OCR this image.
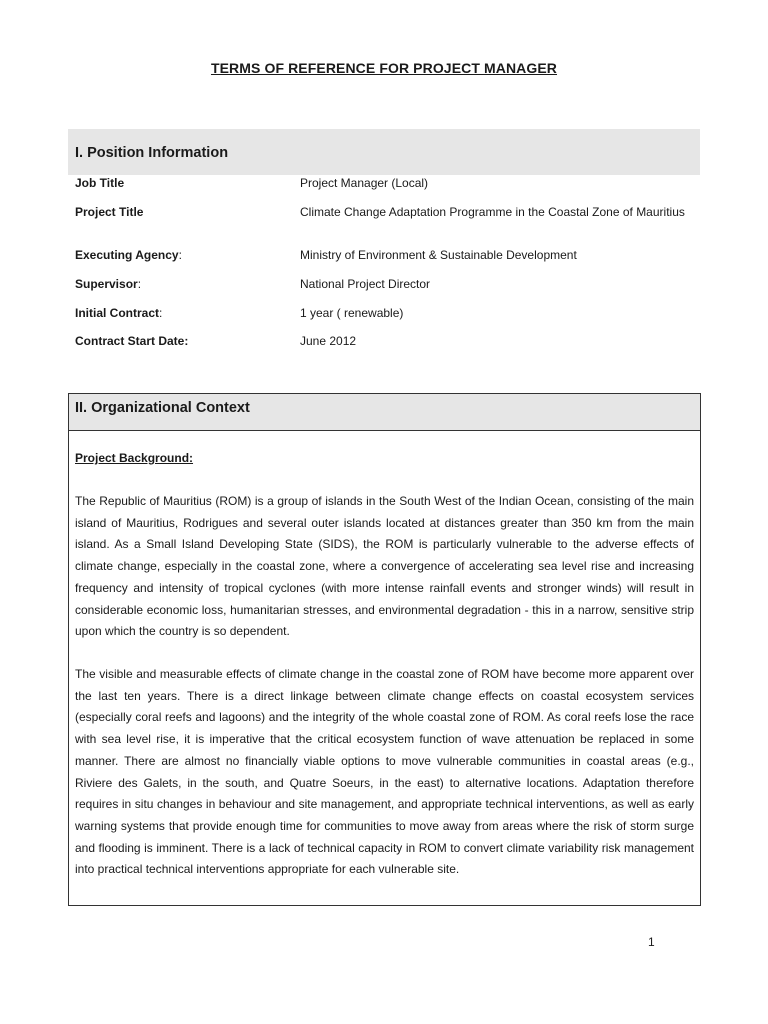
TERMS OF REFERENCE FOR PROJECT MANAGER
I. Position Information
Job Title	Project Manager (Local)
Project Title	Climate Change Adaptation Programme in the Coastal Zone of Mauritius
Executing Agency:	Ministry of Environment & Sustainable Development
Supervisor:	National Project Director
Initial Contract:	1 year ( renewable)
Contract Start Date:	June 2012
II. Organizational Context
Project Background:

The Republic of Mauritius (ROM) is a group of islands in the South West of the Indian Ocean, consisting of the main island of Mauritius, Rodrigues and several outer islands located at distances greater than 350 km from the main island. As a Small Island Developing State (SIDS), the ROM is particularly vulnerable to the adverse effects of climate change, especially in the coastal zone, where a convergence of accelerating sea level rise and increasing frequency and intensity of tropical cyclones (with more intense rainfall events and stronger winds) will result in considerable economic loss, humanitarian stresses, and environmental degradation - this in a narrow, sensitive strip upon which the country is so dependent.

The visible and measurable effects of climate change in the coastal zone of ROM have become more apparent over the last ten years. There is a direct linkage between climate change effects on coastal ecosystem services (especially coral reefs and lagoons) and the integrity of the whole coastal zone of ROM. As coral reefs lose the race with sea level rise, it is imperative that the critical ecosystem function of wave attenuation be replaced in some manner. There are almost no financially viable options to move vulnerable communities in coastal areas (e.g., Riviere des Galets, in the south, and Quatre Soeurs, in the east) to alternative locations. Adaptation therefore requires in situ changes in behaviour and site management, and appropriate technical interventions, as well as early warning systems that provide enough time for communities to move away from areas where the risk of storm surge and flooding is imminent. There is a lack of technical capacity in ROM to convert climate variability risk management into practical technical interventions appropriate for each vulnerable site.

1
